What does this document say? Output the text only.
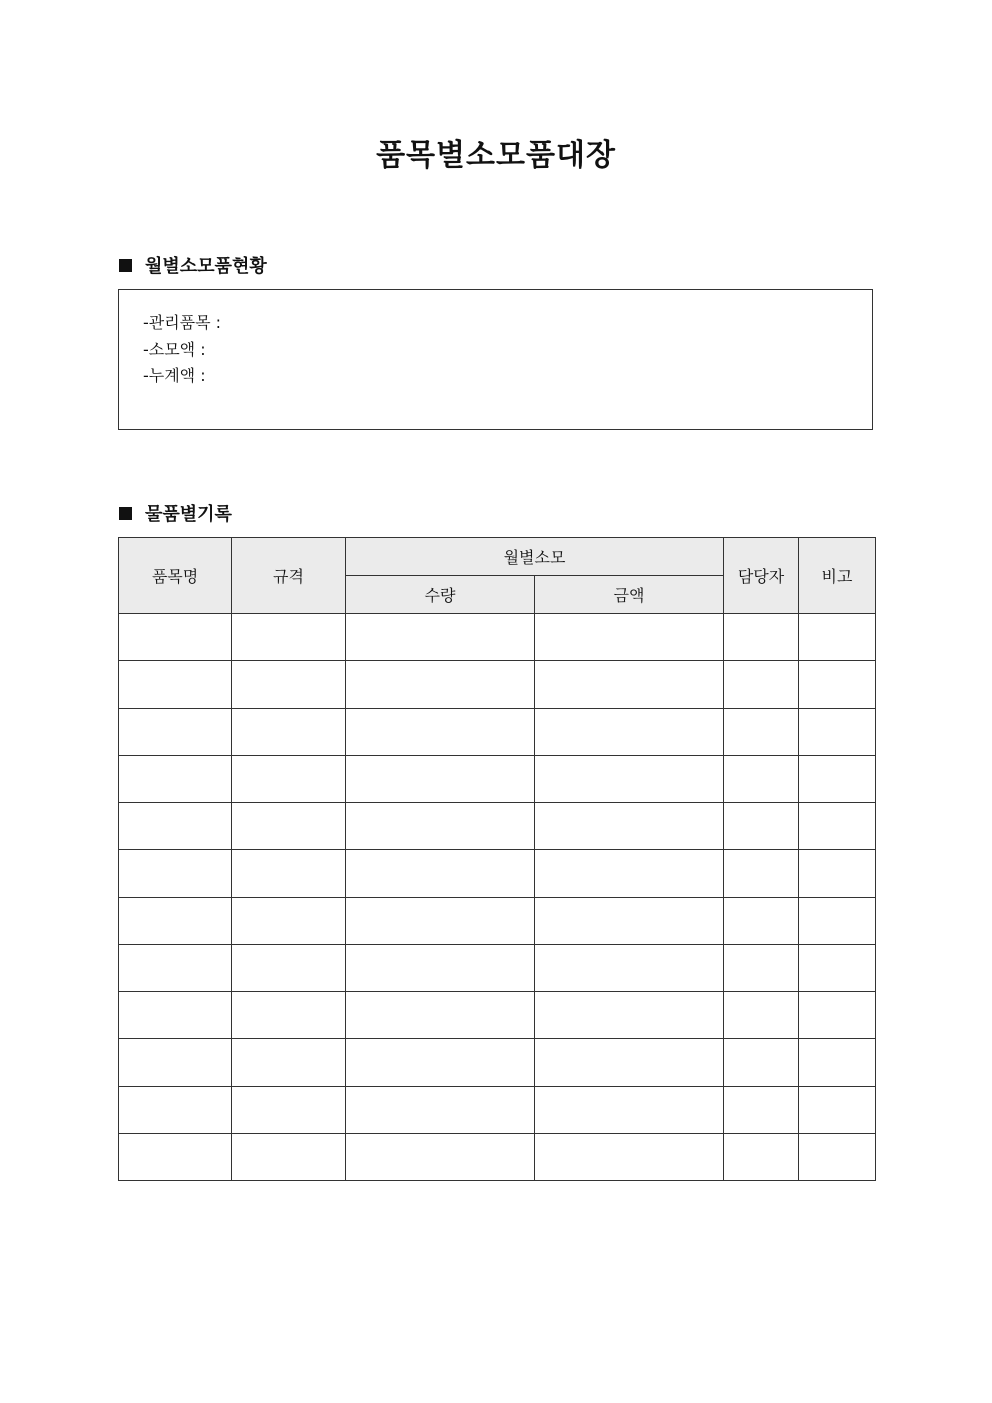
품목별소모품대장
월별소모품현황
-관리품목 :
-소모액 :
-누계액 :
물품별기록
품목명	규격	월별소모		담당자	비고
		수량	금액		
